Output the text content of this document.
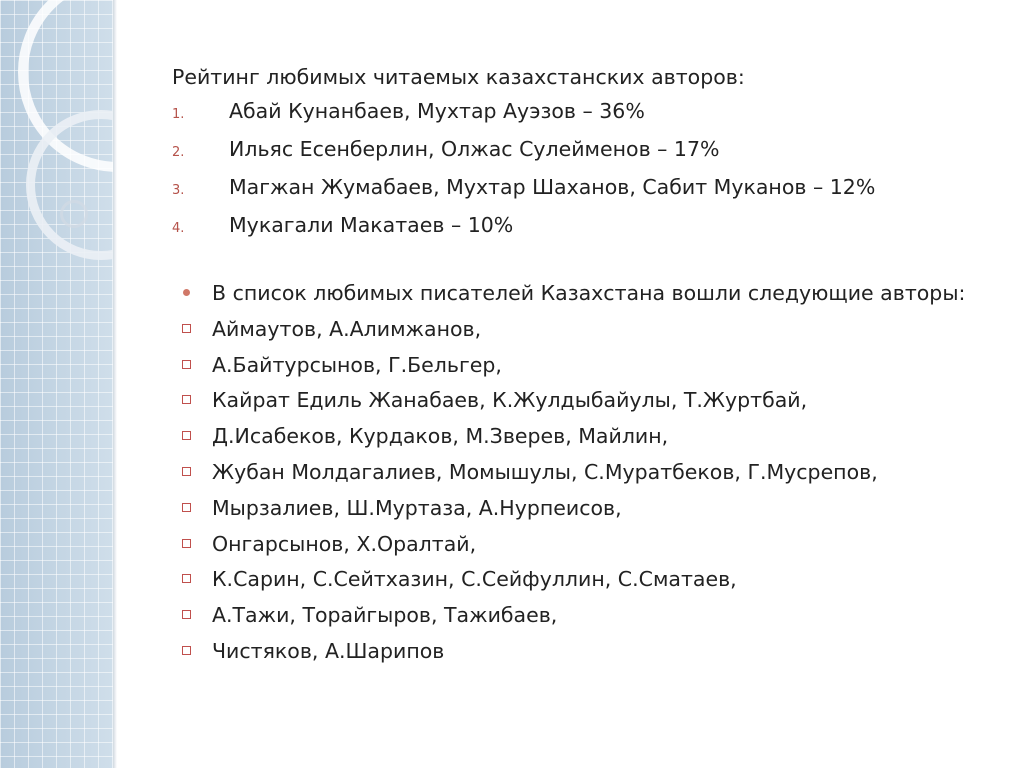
Рейтинг любимых читаемых казахстанских авторов:

1.	Абай Кунанбаев, Мухтар Ауэзов – 36%
2.	Ильяс Есенберлин, Олжас Сулейменов – 17%
3.	Магжан Жумабаев, Мухтар Шаханов, Сабит Муканов – 12%
4.	Мукагали Макатаев – 10%
В список любимых писателей Казахстана вошли следующие авторы:
Аймаутов, А.Алимжанов,
А.Байтурсынов, Г.Бельгер,
Кайрат Едиль Жанабаев, К.Жулдыбайулы, Т.Журтбай,
Д.Исабеков, Курдаков, М.Зверев, Майлин,
Жубан Молдагалиев, Момышулы, С.Муратбеков, Г.Мусрепов,
Мырзалиев, Ш.Муртаза, А.Нурпеисов,
Онгарсынов, Х.Оралтай,
К.Сарин, С.Сейтхазин, С.Сейфуллин, С.Сматаев,
А.Тажи, Торайгыров, Тажибаев,
Чистяков, А.Шарипов
